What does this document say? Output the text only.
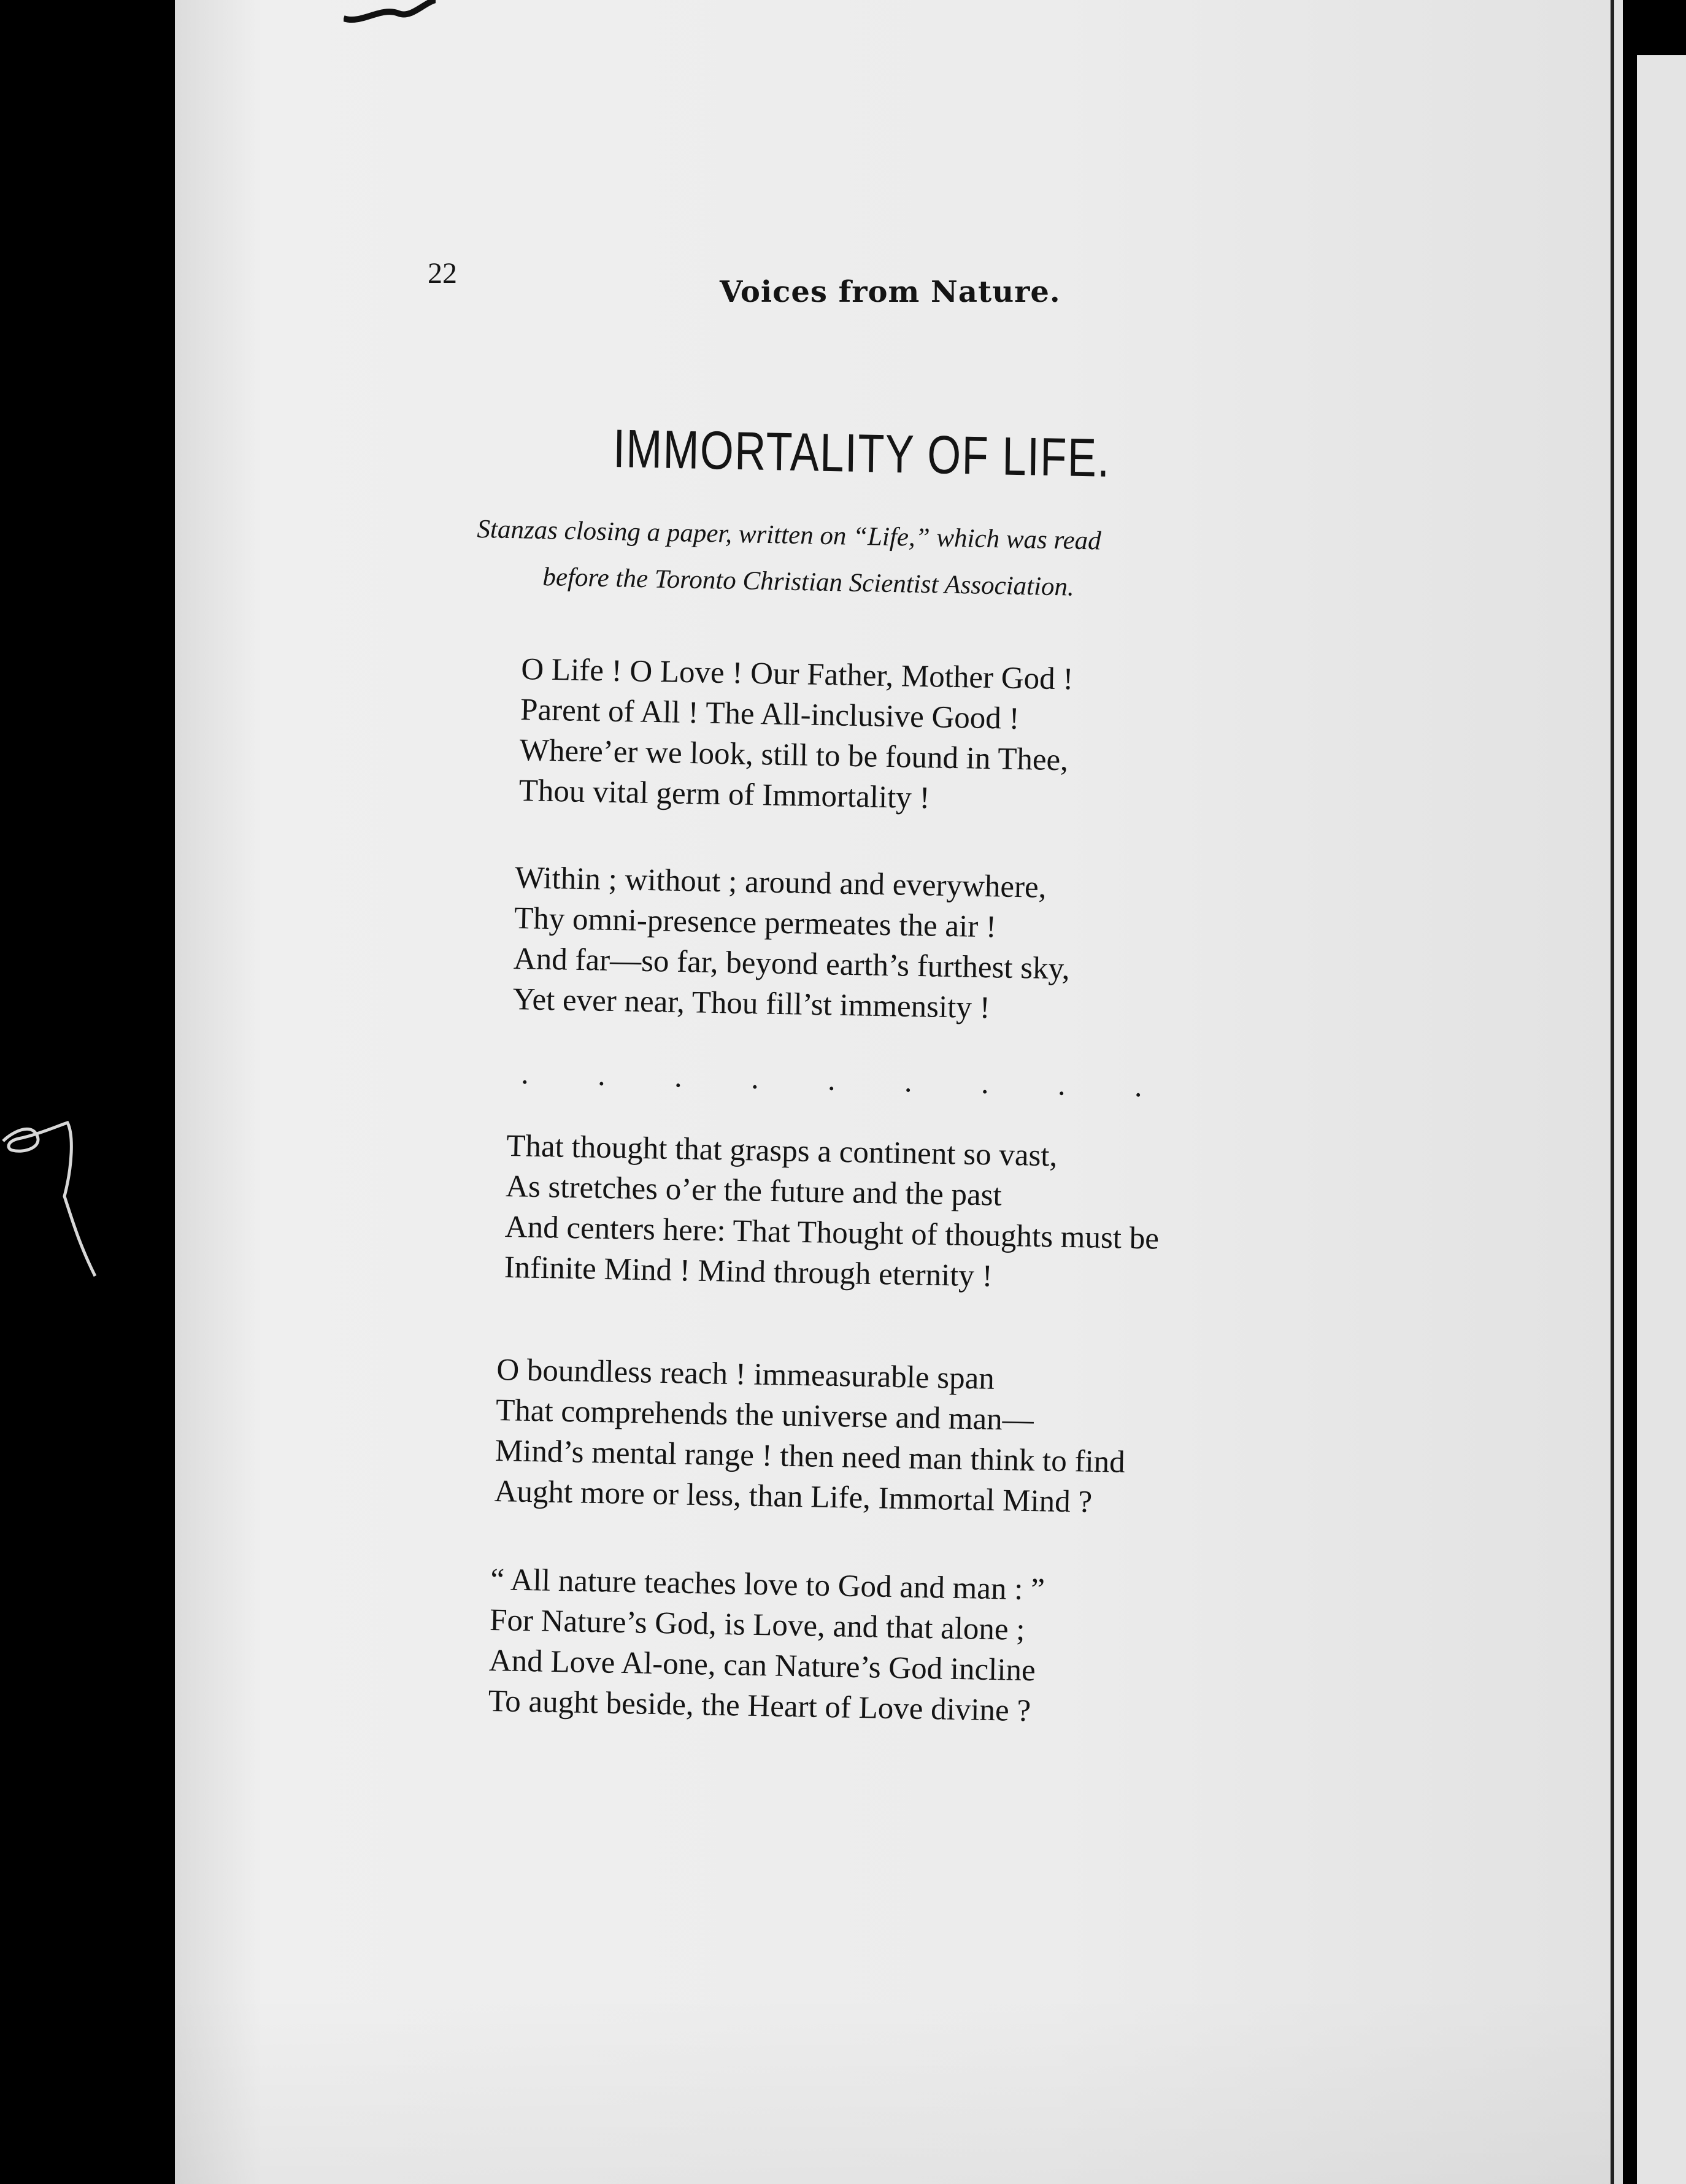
22
Voices from Nature.
IMMORTALITY OF LIFE.
Stanzas closing a paper, written on “Life,” which was read
before the Toronto Christian Scientist Association.
O Life ! O Love ! Our Father, Mother God !
Parent of All ! The All-inclusive Good !
Where’er we look, still to be found in Thee,
Thou vital germ of Immortality !
Within ; without ; around and everywhere,
Thy omni-presence permeates the air !
And far—so far, beyond earth’s furthest sky,
Yet ever near, Thou fill’st immensity !
. . . . . . . . .
That thought that grasps a continent so vast,
As stretches o’er the future and the past
And centers here: That Thought of thoughts must be
Infinite Mind ! Mind through eternity !
O boundless reach ! immeasurable span
That comprehends the universe and man—
Mind’s mental range ! then need man think to find
Aught more or less, than Life, Immortal Mind ?
“ All nature teaches love to God and man : ”
For Nature’s God, is Love, and that alone ;
And Love Al-one, can Nature’s God incline
To aught beside, the Heart of Love divine ?
